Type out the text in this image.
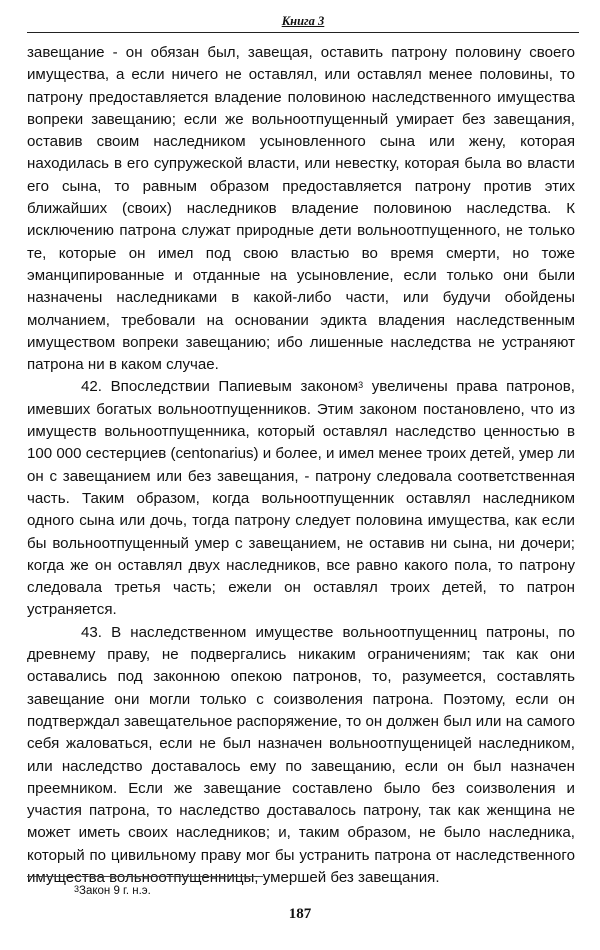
Книга 3
завещание - он обязан был, завещая, оставить патрону половину своего
имущества, а если ничего не оставлял, или оставлял менее половины, то
патрону предоставляется владение половиною наследственного имущества
вопреки завещанию; если же вольноотпущенный умирает без завещания,
оставив своим наследником усыновленного сына или жену, которая
находилась в его супружеской власти, или невестку, которая была во власти
его сына, то равным образом предоставляется патрону против этих
ближайших (своих) наследников владение половиною наследства. К
исключению патрона служат природные дети вольноотпущенного, не только
те, которые он имел под свою властью во время смерти, но тоже
эманципированные и отданные на усыновление, если только они были
назначены наследниками в какой-либо части, или будучи обойдены
молчанием, требовали на основании эдикта владения наследственным
имуществом вопреки завещанию; ибо лишенные наследства не устраняют
патрона ни в каком случае.
42. Впоследствии Папиевым законом$^3$ увеличены права патронов,
имевших богатых вольноотпущенников. Этим законом постановлено, что из
имуществ вольноотпущенника, который оставлял наследство ценностью в
100 000 сестерциев (centonarius) и более, и имел менее троих детей, умер ли
он с завещанием или без завещания, - патрону следовала соответственная
часть. Таким образом, когда вольноотпущенник оставлял наследником
одного сына или дочь, тогда патрону следует половина имущества, как если
бы вольноотпущенный умер с завещанием, не оставив ни сына, ни дочери;
когда же он оставлял двух наследников, все равно какого пола, то патрону
следовала третья часть; ежели он оставлял троих детей, то патрон
устраняется.
43. В наследственном имуществе вольноотпущенниц патроны, по
древнему праву, не подвергались никаким ограничениям; так как они
оставались под законною опекою патронов, то, разумеется, составлять
завещание они могли только с соизволения патрона. Поэтому, если он
подтверждал завещательное распоряжение, то он должен был или на самого
себя жаловаться, если не был назначен вольноотпущеницей наследником,
или наследство доставалось ему по завещанию, если он был назначен
преемником. Если же завещание составлено было без соизволения и
участия патрона, то наследство доставалось патрону, так как женщина не
может иметь своих наследников; и, таким образом, не было наследника,
который по цивильному праву мог бы устранить патрона от наследственного
имущества вольноотпущенницы, умершей без завещания.
$^3$Закон 9 г. н.э.
187
